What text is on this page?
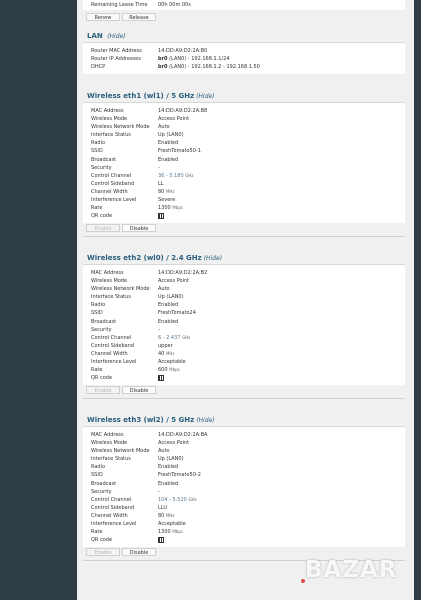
Remaining Lease Time	00h 00m 00s
Renew	Release
LAN (Hide)
Router MAC Address	14:DD:A9:D2:2A:B0
Router IP Addresses	br0 (LAN0) - 192.168.1.1/24
DHCP	br0 (LAN0) - 192.168.1.2 - 192.168.1.50
Wireless eth1 (wl1) / 5 GHz (Hide)
MAC Address	14:DD:A9:D2:2A:B8
Wireless Mode	Access Point
Wireless Network Mode	Auto
Interface Status	Up (LAN0)
Radio	Enabled
SSID	FreshTomato50-1
Broadcast	Enabled
Security	-
Control Channel	36 - 5.180 GHz
Control Sideband	LL
Channel Width	80 MHz
Interference Level	Severe
Rate	1300 Mbps
QR code
Enable	Disable
Wireless eth2 (wl0) / 2.4 GHz (Hide)
MAC Address	14:DD:A9:D2:2A:B2
Wireless Mode	Access Point
Wireless Network Mode	Auto
Interface Status	Up (LAN0)
Radio	Enabled
SSID	FreshTomato24
Broadcast	Enabled
Security	-
Control Channel	6 - 2.437 GHz
Control Sideband	upper
Channel Width	40 MHz
Interference Level	Acceptable
Rate	600 Mbps
QR code
Enable	Disable
Wireless eth3 (wl2) / 5 GHz (Hide)
MAC Address	14:DD:A9:D2:2A:BA
Wireless Mode	Access Point
Wireless Network Mode	Auto
Interface Status	Up (LAN0)
Radio	Enabled
SSID	FreshTomato50-2
Broadcast	Enabled
Security	-
Control Channel	104 - 5.520 GHz
Control Sideband	LLU
Channel Width	80 MHz
Interference Level	Acceptable
Rate	1300 Mbps
QR code
Enable	Disable
BAZAR
